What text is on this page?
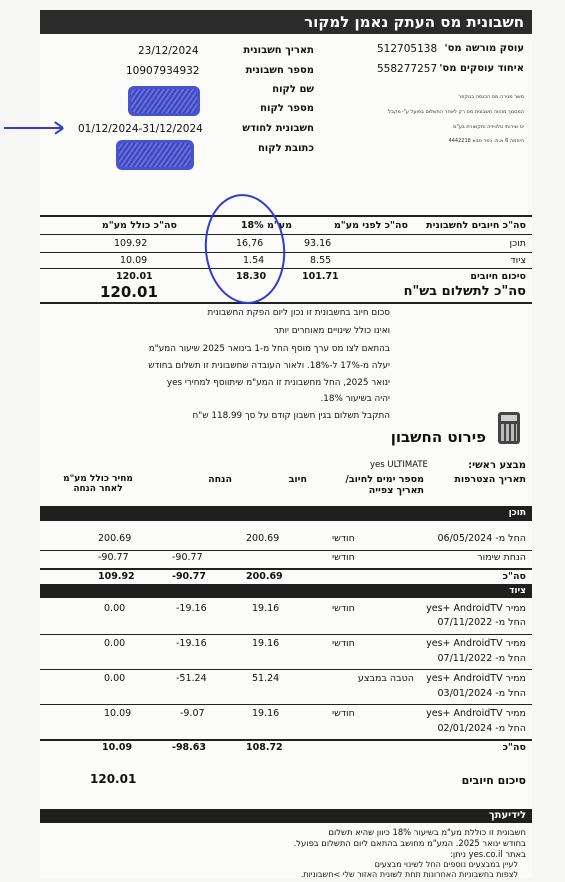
חשבונית מס העתק נאמן למקור
עוסק מורשה מס'
512705138
איחוד עוסקים מס'
558277257
משר מגירה מס הכנסה בנוקפר
המסמך מהווה חשבונית מס רק לאחר התשלום בפועל ע"י מקבל
יס שירותי טלוויזיה ותקשורת בע"מ
היוזמה 6 א.ת. כפר סבא 4442218
תאריך חשבונית
23/12/2024
מספר חשבונית
10907934932
שם לקוח
מספר לקוח
חשבונית לחודש
01/12/2024-31/12/2024
כתובת לקוח
סה"כ חיובים לחשבונית
סה"כ לפני מע"מ
מע"מ 18%
סה"כ כולל מע"מ
תוכן
93.16
16.76
109.92
ציוד
8.55
1.54
10.09
סיכום חיובים
101.71
18.30
120.01
סה"כ לתשלום בש"ח
120.01
סכום חיוב בחשבונית זו נכון ליום הפקת החשבונית
ואינו כולל שינויים מאוחרים יותר
בהתאם לצו מס ערך מוסף החל מ-1 בינואר 2025 שיעור המע"מ
יעלה מ-17% ל-18%. ולאור העובדה שחשבונית זו תשלום בחודש
ינואר 2025, החל מחשבונית זו המע"מ שיתווסף למחירי yes
יהיה בשיעור 18%.
התקבל תשלום בגין חשבון קודם על סך 118.99 ש"ח
פירוט החשבון
מבצע ראשי:
yes ULTIMATE
תאריך הצטרפות
מספר ימים לחיוב/ תאריך צפייה
חיוב
הנחה
מחיר כולל מע"מ לאחר הנחה
תוכן
החל מ- 06/05/2024
חודשי
200.69
200.69
הנחת שימור
חודשי
-90.77
-90.77
סה"כ
200.69
-90.77
109.92
ציוד
ממיר yes+ AndroidTV
החל מ- 07/11/2022
חודשי
19.16
-19.16
0.00
ממיר yes+ AndroidTV
החל מ- 07/11/2022
חודשי
19.16
-19.16
0.00
ממיר yes+ AndroidTV
החל מ- 03/01/2024
הטבה במבצע
51.24
-51.24
0.00
ממיר yes+ AndroidTV
החל מ- 02/01/2024
חודשי
19.16
-9.07
10.09
סה"כ
108.72
-98.63
10.09
סיכום חיובים
120.01
לידיעתך
חשבונית זו כוללת מע"מ בשיעור 18% כיוון שהיא תשלום
בחודש ינואר 2025. המע"מ מחושב בהתאם ליום התשלום בפועל.
באתר yes.co.il ניתן:
לעיין במבצעים נוספים החל לשינוי מבצעים
לצפות בחשבוניות האחרונות תחת לשונית האזור שלי >חשבוניות.
